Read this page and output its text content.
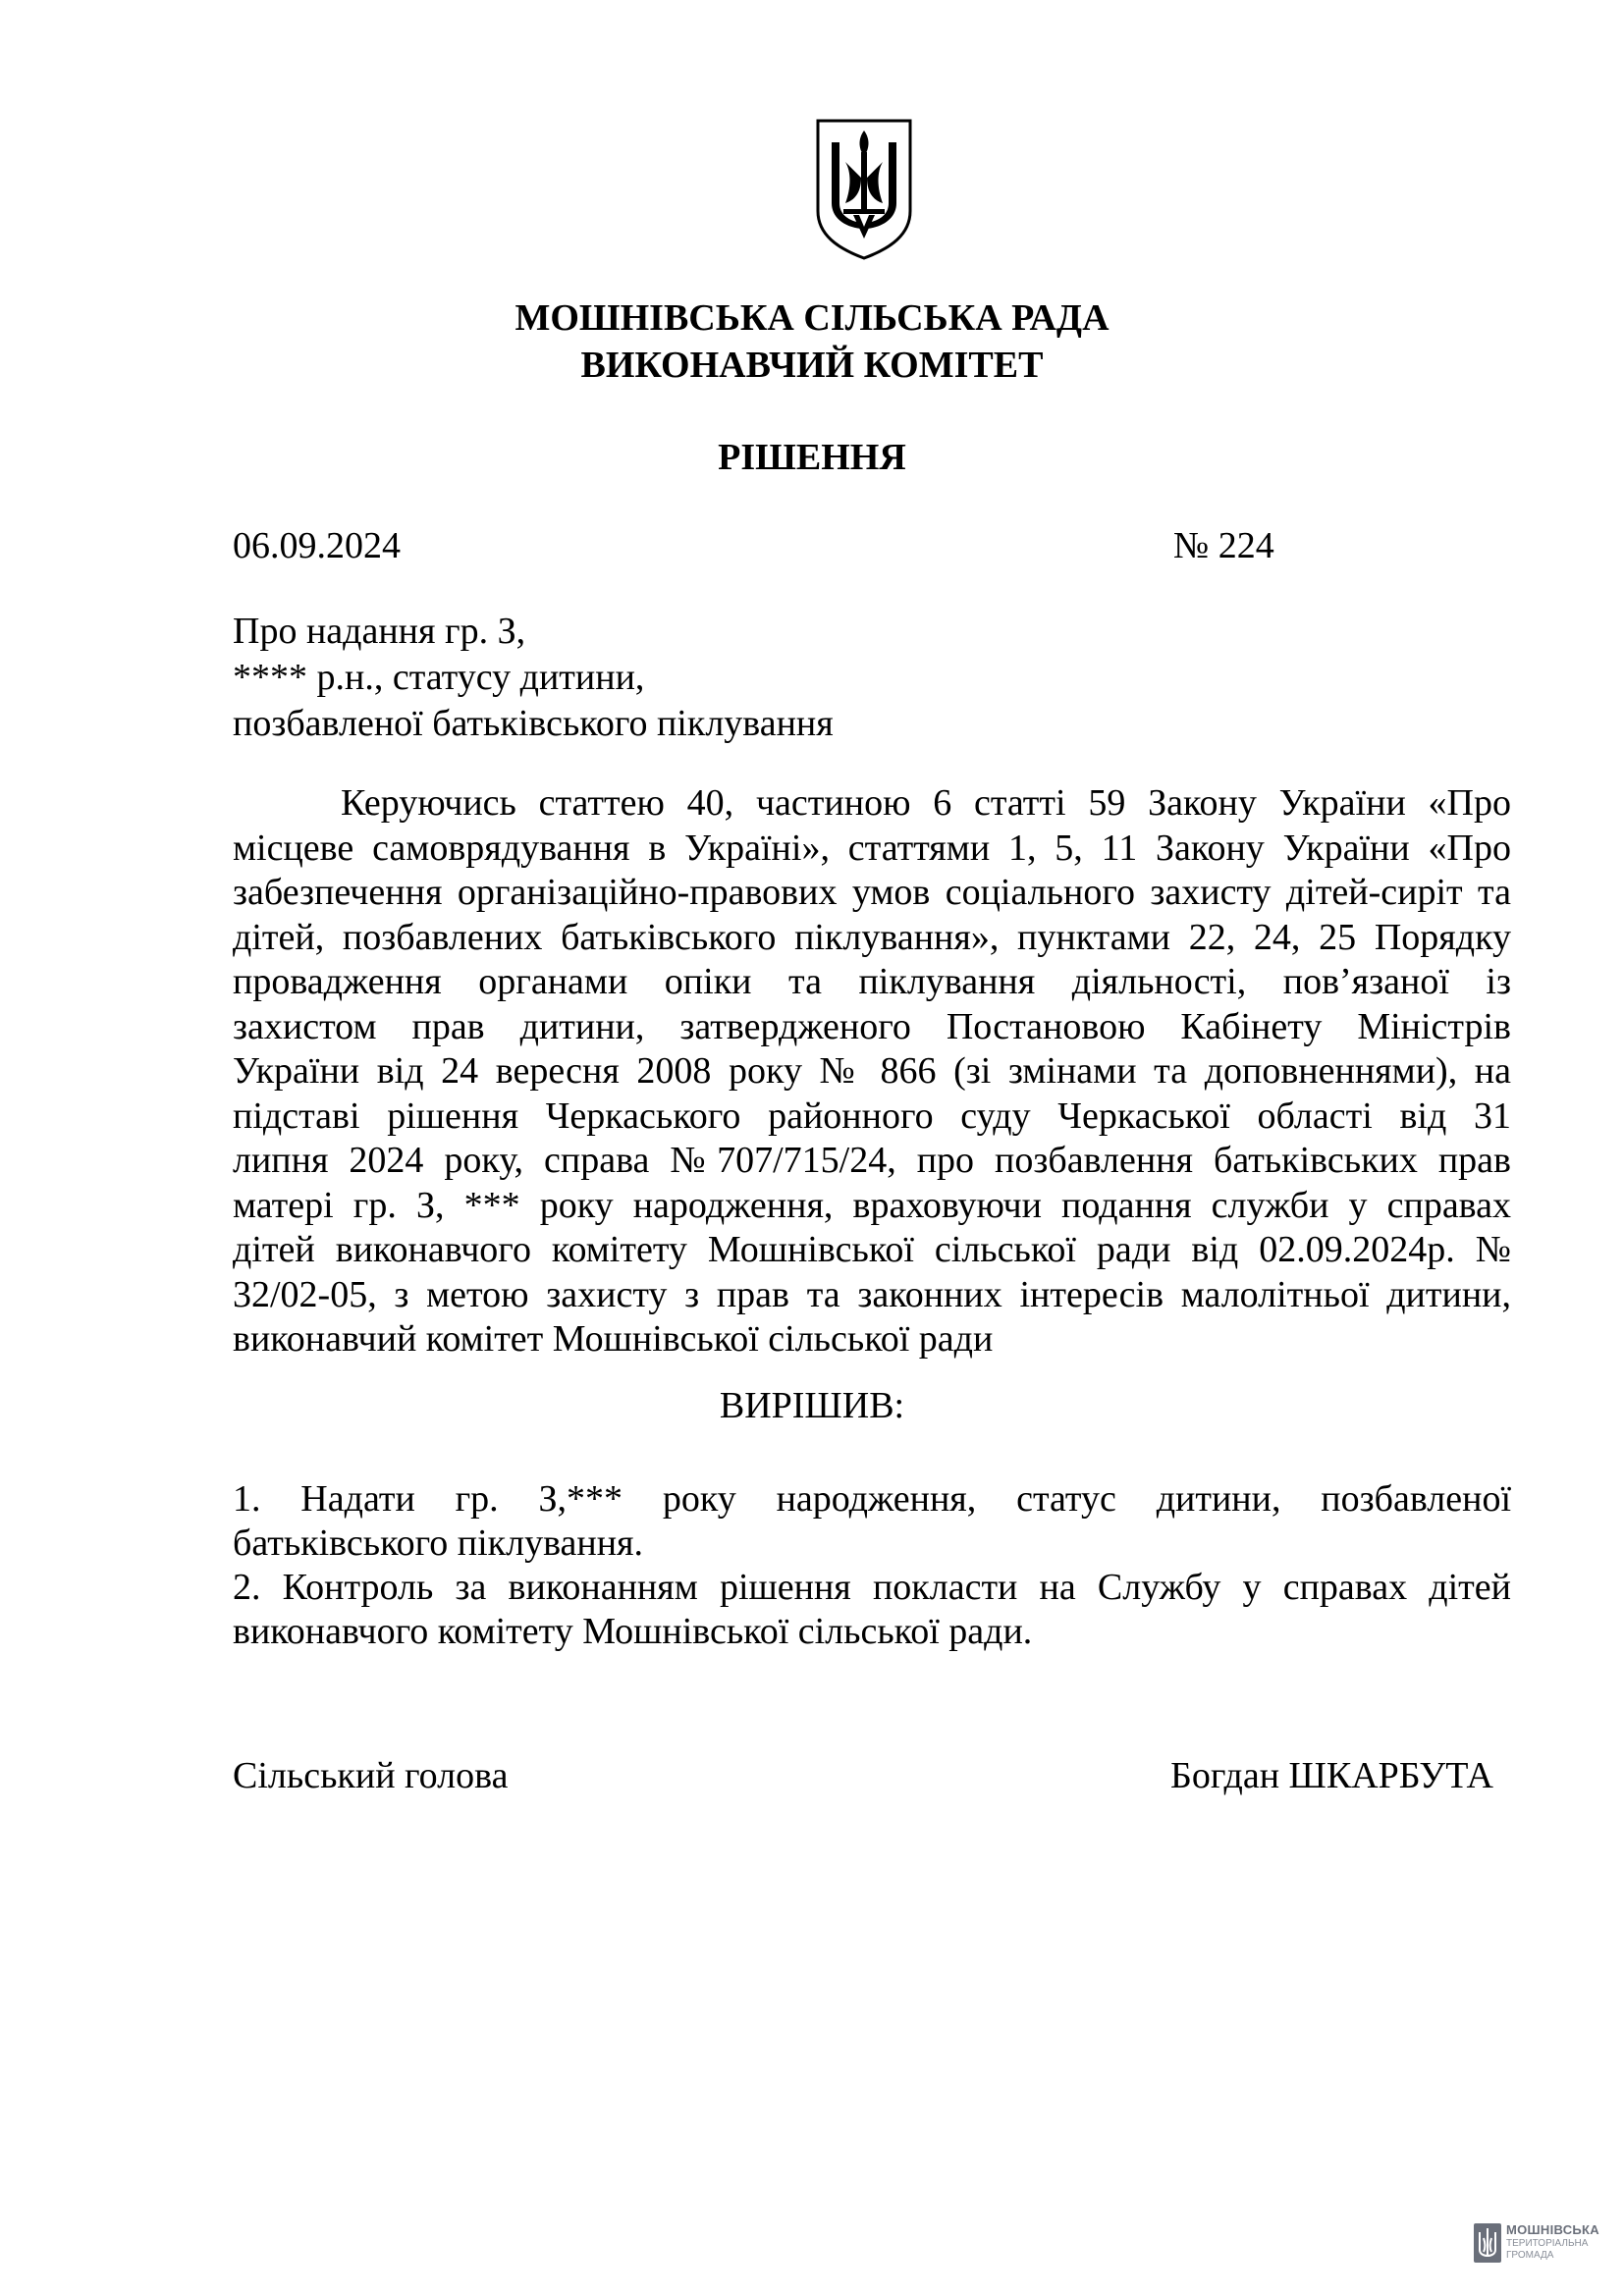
МОШНІВСЬКА СІЛЬСЬКА РАДА
ВИКОНАВЧИЙ КОМІТЕТ
РІШЕННЯ
06.09.2024	№ 224
Про надання гр. З,
**** р.н., статусу дитини,
позбавленої батьківського піклування
Керуючись статтею 40, частиною 6 статті 59 Закону України «Про
місцеве самоврядування в Україні», статтями 1, 5, 11 Закону України «Про
забезпечення організаційно-правових умов соціального захисту дітей-сиріт та
дітей, позбавлених батьківського піклування», пунктами 22, 24, 25 Порядку
провадження органами опіки та піклування діяльності, пов’язаної із
захистом прав дитини, затвердженого Постановою Кабінету Міністрів
України від 24 вересня 2008 року № 866 (зі змінами та доповненнями), на
підставі рішення Черкаського районного суду Черкаської області від 31
липня 2024 року, справа №707/715/24, про позбавлення батьківських прав
матері гр. З, *** року народження, враховуючи подання служби у справах
дітей виконавчого комітету Мошнівської сільської ради від 02.09.2024р. №
32/02-05, з метою захисту з прав та законних інтересів малолітньої дитини,
виконавчий комітет Мошнівської сільської ради
ВИРІШИВ:
1. Надати гр. З,*** року народження, статус дитини, позбавленої
батьківського піклування.
2. Контроль за виконанням рішення покласти на Службу у справах дітей
виконавчого комітету Мошнівської сільської ради.
Сільський голова	Богдан ШКАРБУТА
МОШНІВСЬКА
ТЕРИТОРІАЛЬНА
ГРОМАДА
